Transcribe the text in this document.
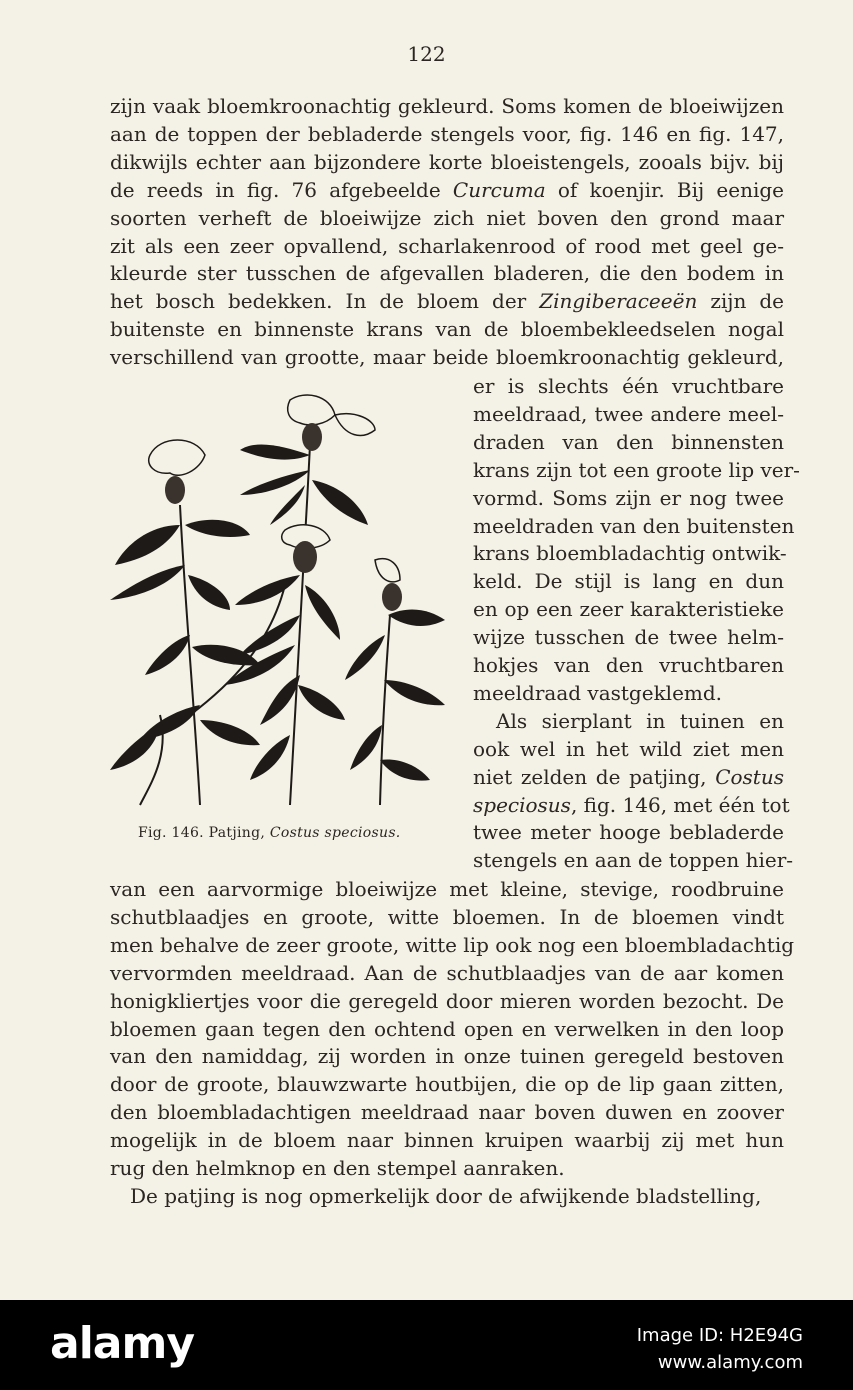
122
zijn vaak bloemkroonachtig gekleurd. Soms komen de bloeiwijzen
aan de toppen der bebladerde stengels voor, fig. 146 en fig. 147,
dikwijls echter aan bijzondere korte bloeistengels, zooals bijv. bij
de reeds in fig. 76 afgebeelde Curcuma of koenjir. Bij eenige
soorten verheft de bloeiwijze zich niet boven den grond maar
zit als een zeer opvallend, scharlakenrood of rood met geel ge-
kleurde ster tusschen de afgevallen bladeren, die den bodem in
het bosch bedekken. In de bloem der Zingiberaceeën zijn de
buitenste en binnenste krans van de bloembekleedselen nogal
verschillend van grootte, maar beide bloemkroonachtig gekleurd,
er is slechts één vruchtbare
meeldraad, twee andere meel-
draden van den binnensten
krans zijn tot een groote lip ver-
vormd. Soms zijn er nog twee
meeldraden van den buitensten
krans bloembladachtig ontwik-
keld. De stijl is lang en dun
en op een zeer karakteristieke
wijze tusschen de twee helm-
hokjes van den vruchtbaren
meeldraad vastgeklemd.
Als sierplant in tuinen en
ook wel in het wild ziet men
niet zelden de patjing, Costus
speciosus, fig. 146, met één tot
twee meter hooge bebladerde
stengels en aan de toppen hier-
van een aarvormige bloeiwijze met kleine, stevige, roodbruine
schutblaadjes en groote, witte bloemen. In de bloemen vindt
men behalve de zeer groote, witte lip ook nog een bloembladachtig
vervormden meeldraad. Aan de schutblaadjes van de aar komen
honigkliertjes voor die geregeld door mieren worden bezocht. De
bloemen gaan tegen den ochtend open en verwelken in den loop
van den namiddag, zij worden in onze tuinen geregeld bestoven
door de groote, blauwzwarte houtbijen, die op de lip gaan zitten,
den bloembladachtigen meeldraad naar boven duwen en zoover
mogelijk in de bloem naar binnen kruipen waarbij zij met hun
rug den helmknop en den stempel aanraken.
De patjing is nog opmerkelijk door de afwijkende bladstelling,
Fig. 146. Patjing, Costus speciosus.
alamy	Image ID: H2E94G
www.alamy.com
